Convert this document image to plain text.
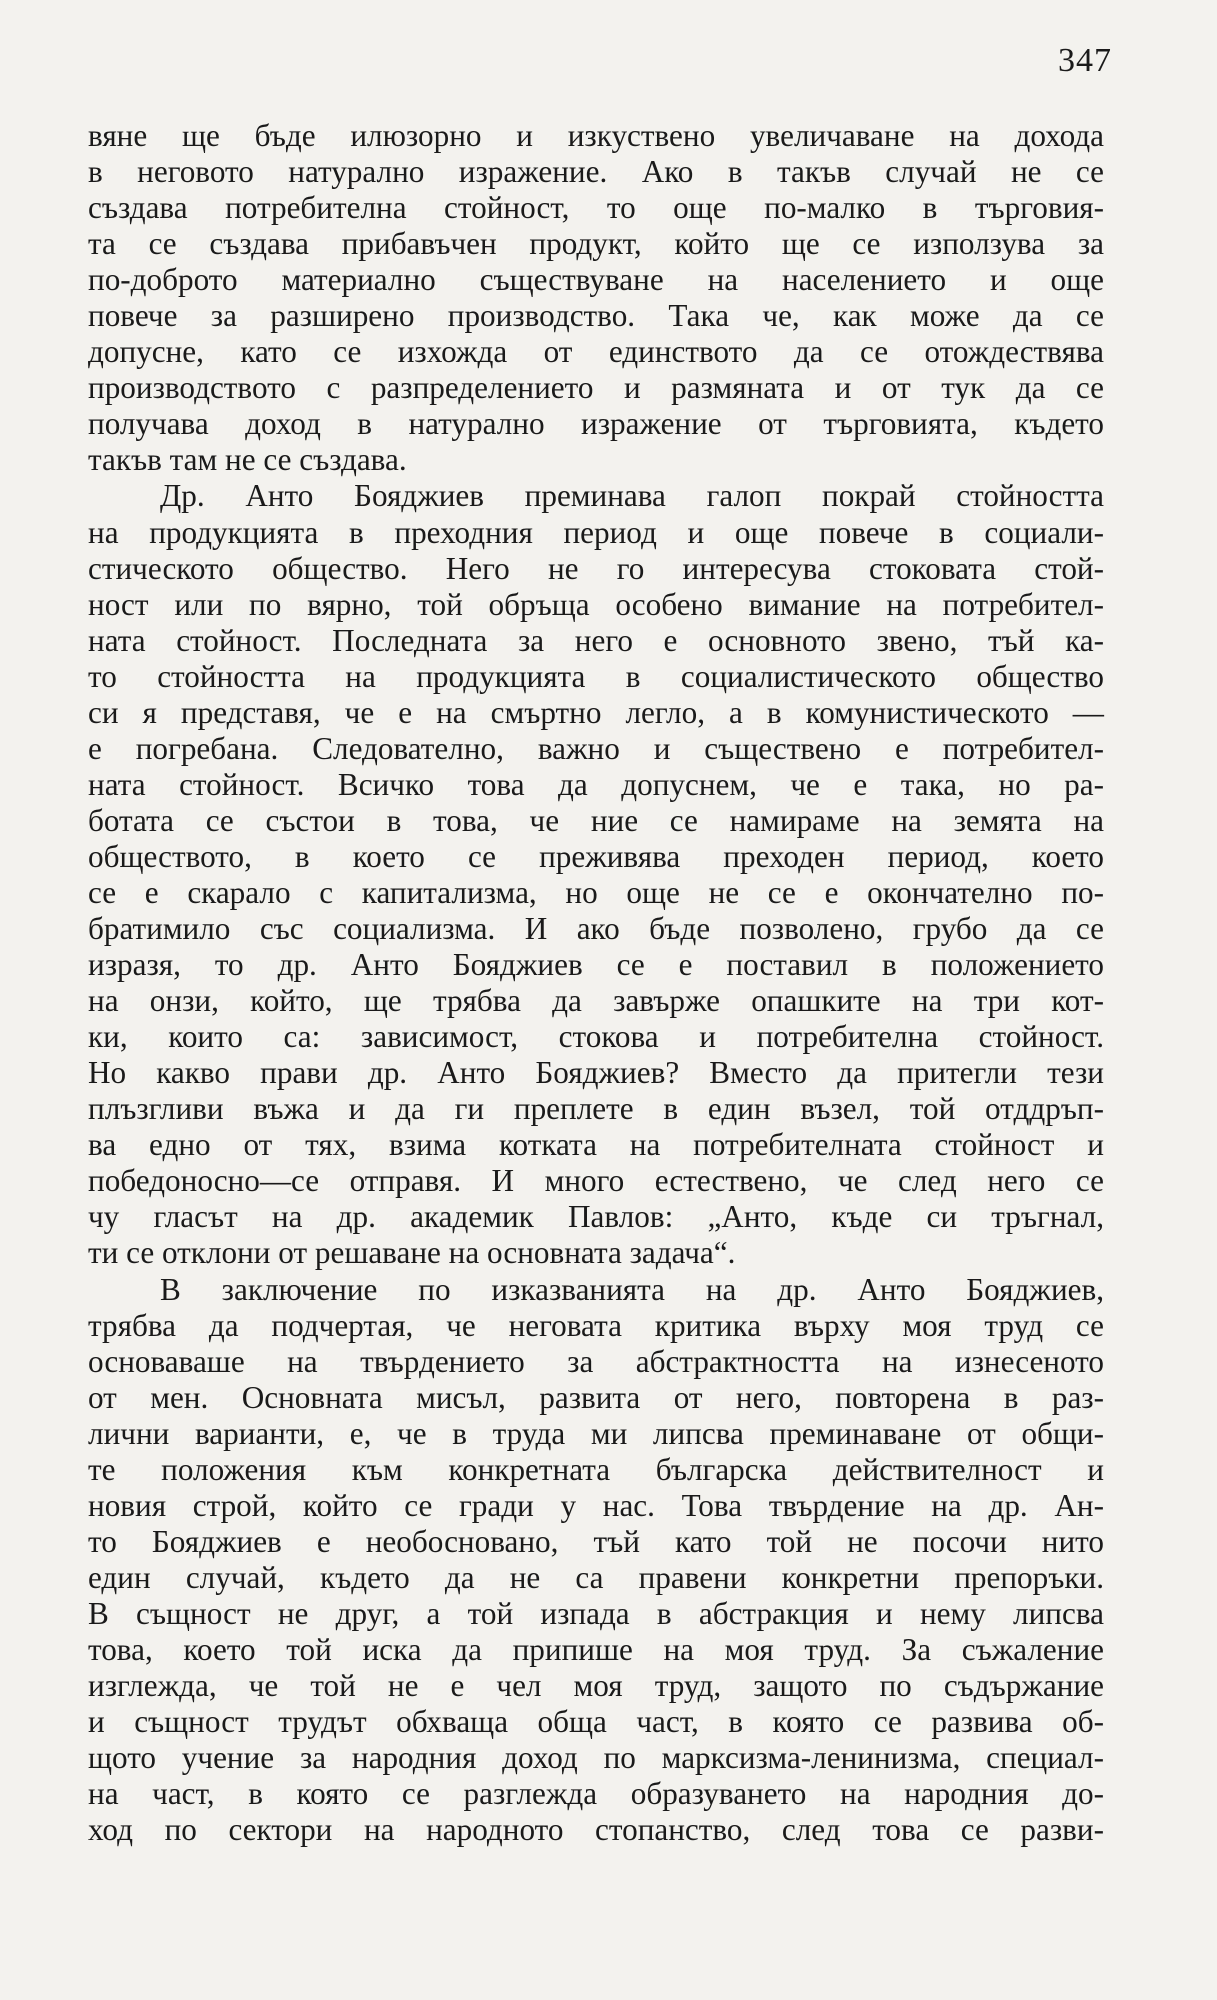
347
вяне ще бъде илюзорно и изкуствено увеличаване на дохода
в неговото натурално изражение. Ако в такъв случай не се
създава потребителна стойност, то още по-малко в търговия-
та се създава прибавъчен продукт, който ще се използува за
по-доброто материално съществуване на населението и още
повече за разширено производство. Така че, как може да се
допусне, като се изхожда от единството да се отождествява
производството с разпределението и размяната и от тук да се
получава доход в натурално изражение от търговията, където
такъв там не се създава.
Др. Анто Бояджиев преминава галоп покрай стойността
на продукцията в преходния период и още повече в социали-
стическото общество. Него не го интересува стоковата стой-
ност или по вярно, той обръща особено вимание на потребител-
ната стойност. Последната за него е основното звено, тъй ка-
то стойността на продукцията в социалистическото общество
си я представя, че е на смъртно легло, а в комунистическото —
е погребана. Следователно, важно и съществено е потребител-
ната стойност. Всичко това да допуснем, че е така, но ра-
ботата се състои в това, че ние се намираме на земята на
обществото, в което се преживява преходен период, което
се е скарало с капитализма, но още не се е окончателно по-
братимило със социализма. И ако бъде позволено, грубо да се
изразя, то др. Анто Бояджиев се е поставил в положението
на онзи, който, ще трябва да завърже опашките на три кот-
ки, които са: зависимост, стокова и потребителна стойност.
Но какво прави др. Анто Бояджиев? Вместо да притегли тези
плъзгливи въжа и да ги преплете в един възел, той отддръп-
ва едно от тях, взима котката на потребителната стойност и
победоносно—се отправя. И много естествено, че след него се
чу гласът на др. академик Павлов: „Анто, къде си тръгнал,
ти се отклони от решаване на основната задача“.
В заключение по изказванията на др. Анто Бояджиев,
трябва да подчертая, че неговата критика върху моя труд се
основаваше на твърдението за абстрактността на изнесеното
от мен. Основната мисъл, развита от него, повторена в раз-
лични варианти, е, че в труда ми липсва преминаване от общи-
те положения към конкретната българска действителност и
новия строй, който се гради у нас. Това твърдение на др. Ан-
то Бояджиев е необосновано, тъй като той не посочи нито
един случай, където да не са правени конкретни препоръки.
В същност не друг, а той изпада в абстракция и нему липсва
това, което той иска да припише на моя труд. За съжаление
изглежда, че той не е чел моя труд, защото по съдържание
и същност трудът обхваща обща част, в която се развива об-
щото учение за народния доход по марксизма-ленинизма, специал-
на част, в която се разглежда образуването на народния до-
ход по сектори на народното стопанство, след това се разви-
